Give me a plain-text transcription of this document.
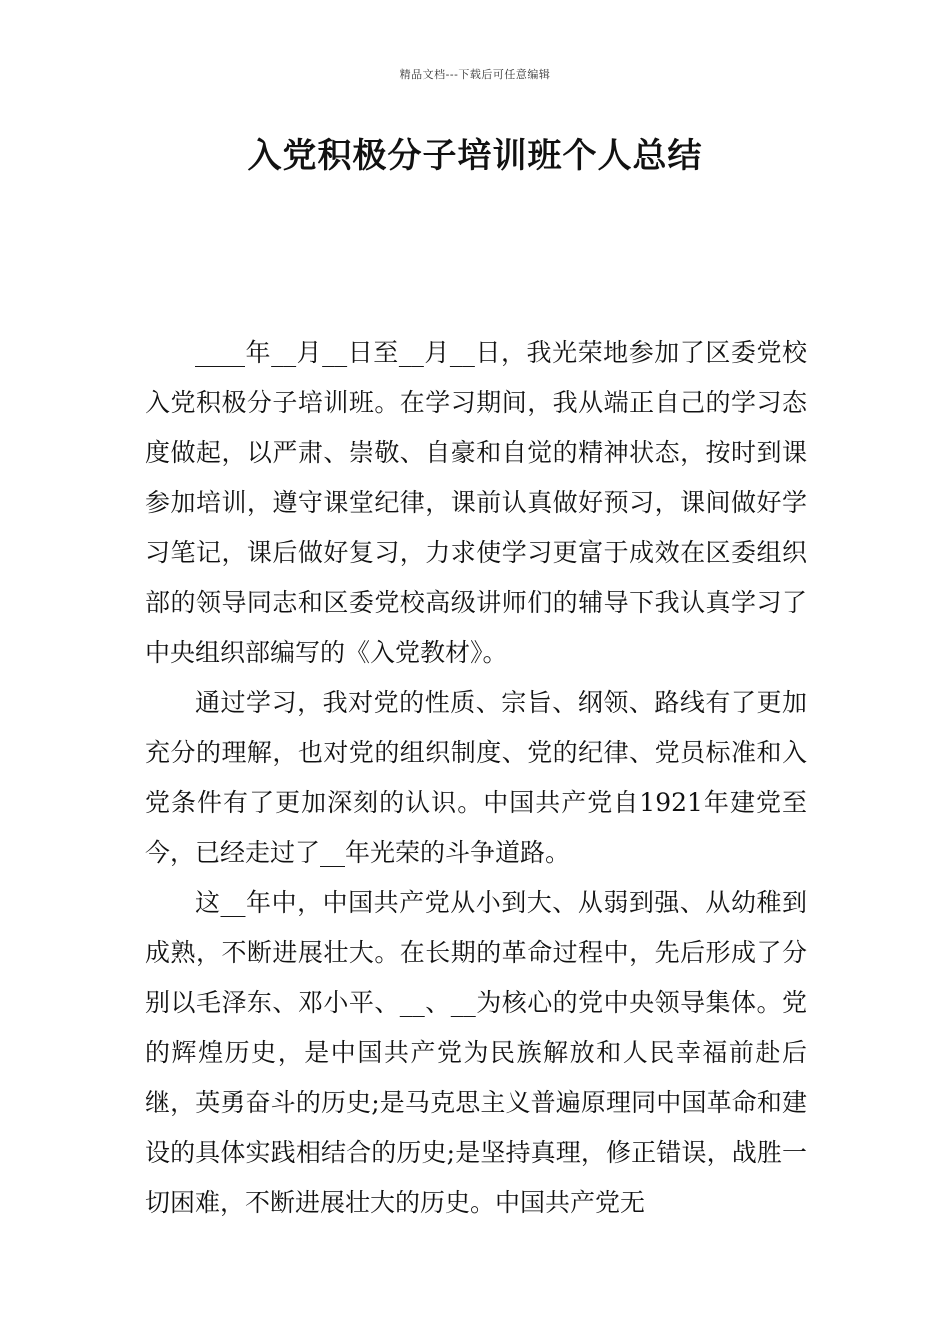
精品文档---下载后可任意编辑
入党积极分子培训班个人总结

____年__月__日至__月__日，我光荣地参加了区委党校入党积极分子培训班。在学习期间，我从端正自己的学习态度做起，以严肃、崇敬、自豪和自觉的精神状态，按时到课参加培训，遵守课堂纪律，课前认真做好预习，课间做好学习笔记，课后做好复习，力求使学习更富于成效在区委组织部的领导同志和区委党校高级讲师们的辅导下我认真学习了中央组织部编写的《入党教材》。

通过学习，我对党的性质、宗旨、纲领、路线有了更加充分的理解，也对党的组织制度、党的纪律、党员标准和入党条件有了更加深刻的认识。中国共产党自1921年建党至今，已经走过了__年光荣的斗争道路。

这__年中，中国共产党从小到大、从弱到强、从幼稚到成熟，不断进展壮大。在长期的革命过程中，先后形成了分别以毛泽东、邓小平、__、__为核心的党中央领导集体。党的辉煌历史，是中国共产党为民族解放和人民幸福前赴后继，英勇奋斗的历史;是马克思主义普遍原理同中国革命和建设的具体实践相结合的历史;是坚持真理，修正错误，战胜一切困难，不断进展壮大的历史。中国共产党无
